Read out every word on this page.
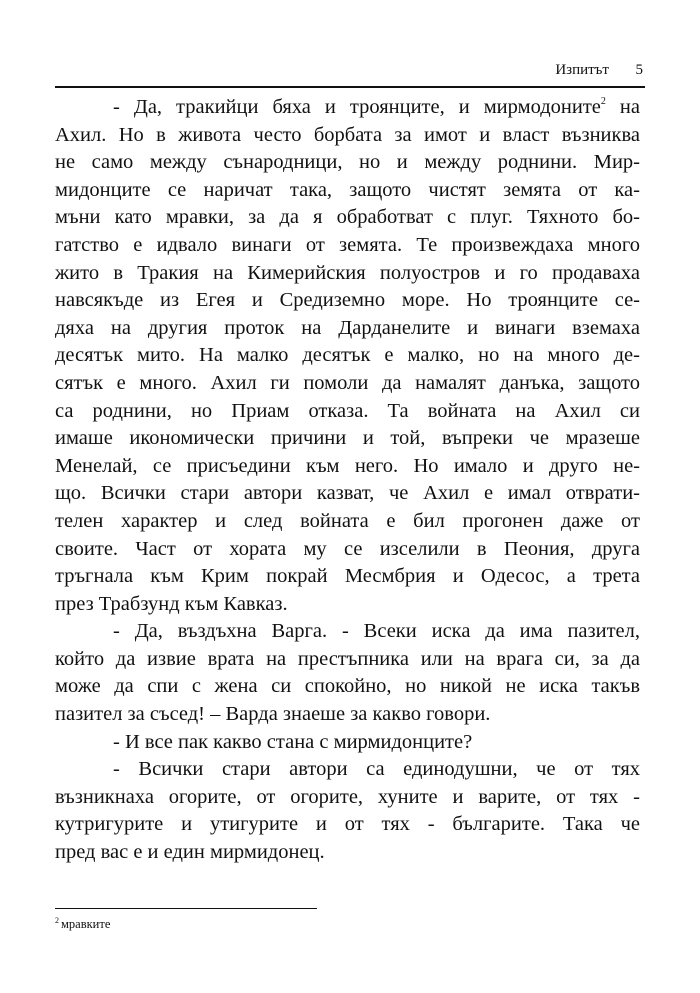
Изпитът 5
- Да, тракийци бяха и троянците, и мирмодоните$^2$ на
Ахил. Но в живота често борбата за имот и власт възниква
не само между сънародници, но и между роднини. Мир-
мидонците се наричат така, защото чистят земята от ка-
мъни като мравки, за да я обработват с плуг. Тяхното бо-
гатство е идвало винаги от земята. Те произвеждаха много
жито в Тракия на Кимерийския полуостров и го продаваха
навсякъде из Егея и Средиземно море. Но троянците се-
дяха на другия проток на Дарданелите и винаги вземаха
десятък мито. На малко десятък е малко, но на много де-
сятък е много. Ахил ги помоли да намалят данъка, защото
са роднини, но Приам отказа. Та войната на Ахил си
имаше икономически причини и той, въпреки че мразеше
Менелай, се присъедини към него. Но имало и друго не-
що. Всички стари автори казват, че Ахил е имал отврати-
телен характер и след войната е бил прогонен даже от
своите. Част от хората му се изселили в Пеония, друга
тръгнала към Крим покрай Месмбрия и Одесос, а трета
през Трабзунд към Кавказ.
- Да, въздъхна Варга. - Всеки иска да има пазител,
който да извие врата на престъпника или на врага си, за да
може да спи с жена си спокойно, но никой не иска такъв
пазител за съсед! – Варда знаеше за какво говори.
- И все пак какво стана с мирмидонците?
- Всички стари автори са единодушни, че от тях
възникнаха огорите, от огорите, хуните и варите, от тях -
кутригурите и утигурите и от тях - българите. Така че
пред вас е и един мирмидонец.
$^2$ мравките
